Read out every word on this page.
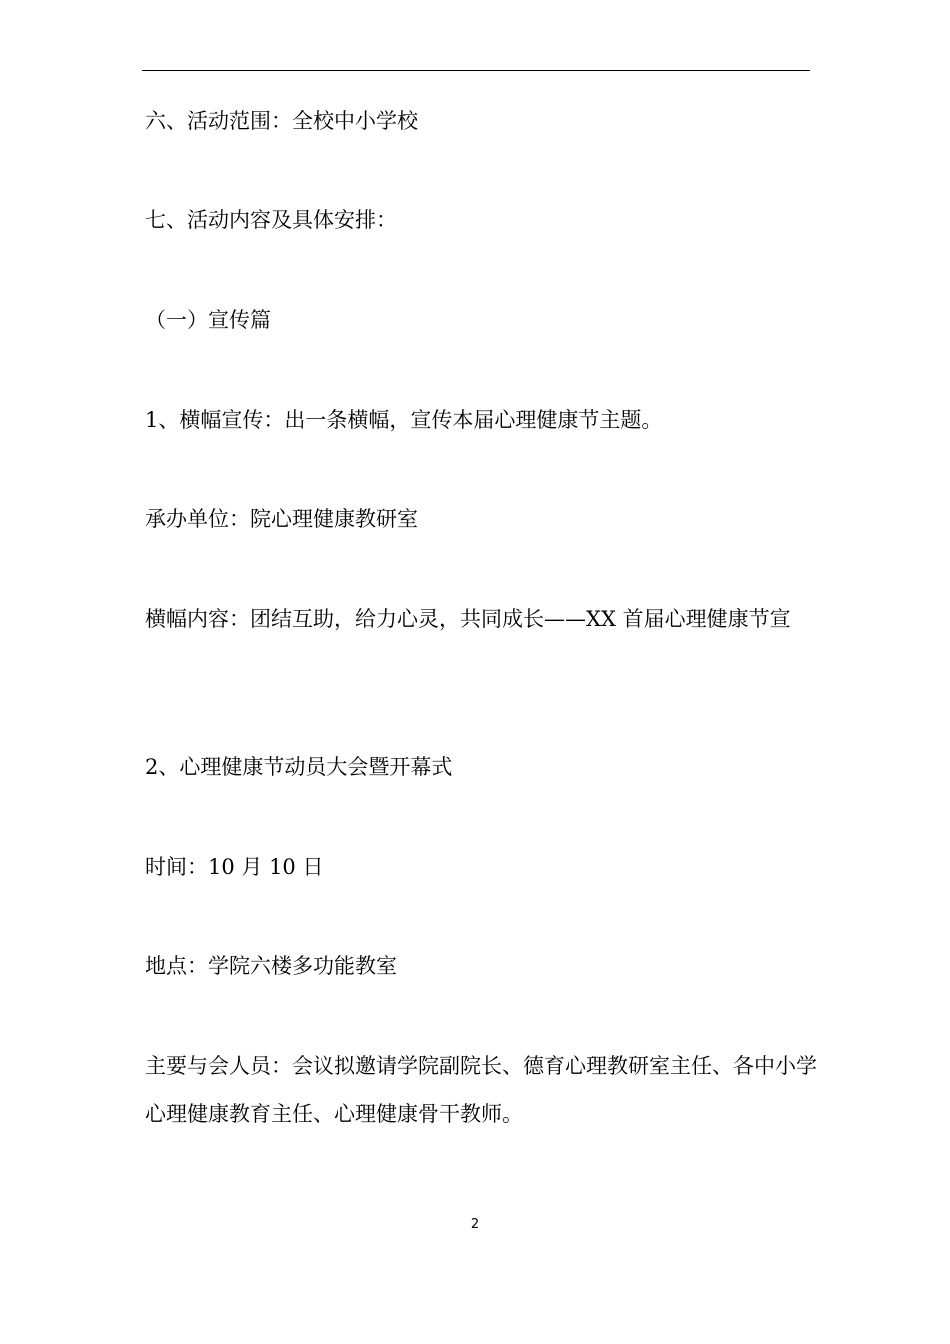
六、活动范围：全校中小学校
七、活动内容及具体安排：
（一）宣传篇
1、横幅宣传：出一条横幅，宣传本届心理健康节主题。
承办单位：院心理健康教研室
横幅内容：团结互助，给力心灵，共同成长——XX 首届心理健康节宣
2、心理健康节动员大会暨开幕式
时间：10 月 10 日
地点：学院六楼多功能教室
主要与会人员：会议拟邀请学院副院长、德育心理教研室主任、各中小学心理健康教育主任、心理健康骨干教师。
2
